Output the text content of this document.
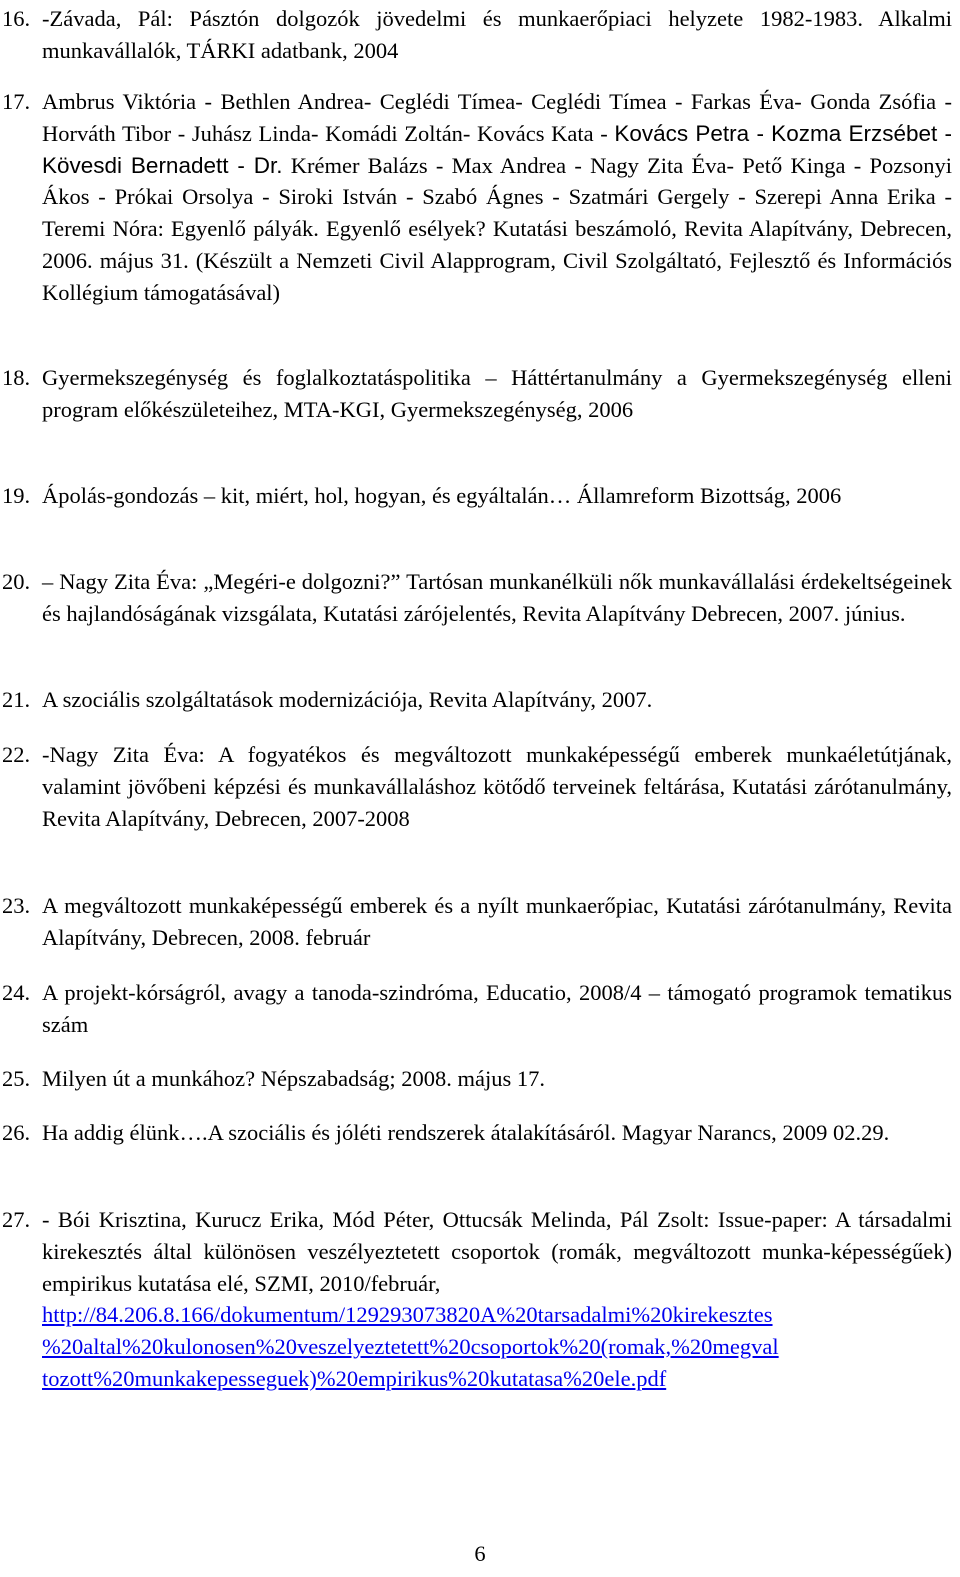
16. -Závada, Pál: Pásztón dolgozók jövedelmi és munkaerőpiaci helyzete 1982-1983. Alkalmi munkavállalók, TÁRKI adatbank, 2004
17. Ambrus Viktória - Bethlen Andrea- Ceglédi Tímea- Ceglédi Tímea - Farkas Éva- Gonda Zsófia - Horváth Tibor - Juhász Linda- Komádi Zoltán- Kovács Kata - Kovács Petra - Kozma Erzsébet - Kövesdi Bernadett - Dr. Krémer Balázs - Max Andrea - Nagy Zita Éva- Pető Kinga - Pozsonyi Ákos - Prókai Orsolya - Siroki István - Szabó Ágnes - Szatmári Gergely - Szerepi Anna Erika - Teremi Nóra: Egyenlő pályák. Egyenlő esélyek? Kutatási beszámoló, Revita Alapítvány, Debrecen, 2006. május 31. (Készült a Nemzeti Civil Alapprogram, Civil Szolgáltató, Fejlesztő és Információs Kollégium támogatásával)
18. Gyermekszegénység és foglalkoztatáspolitika – Háttértanulmány a Gyermekszegénység elleni program előkészületeihez, MTA-KGI, Gyermekszegénység, 2006
19. Ápolás-gondozás – kit, miért, hol, hogyan, és egyáltalán… Államreform Bizottság, 2006
20. – Nagy Zita Éva: „Megéri-e dolgozni?” Tartósan munkanélküli nők munkavállalási érdekeltségeinek és hajlandóságának vizsgálata, Kutatási zárójelentés, Revita Alapítvány Debrecen, 2007. június.
21. A szociális szolgáltatások modernizációja, Revita Alapítvány, 2007.
22. -Nagy Zita Éva: A fogyatékos és megváltozott munkaképességű emberek munkaéletútjának, valamint jövőbeni képzési és munkavállaláshoz kötődő terveinek feltárása, Kutatási zárótanulmány, Revita Alapítvány, Debrecen, 2007-2008
23. A megváltozott munkaképességű emberek és a nyílt munkaerőpiac, Kutatási zárótanulmány, Revita Alapítvány, Debrecen, 2008. február
24. A projekt-kórságról, avagy a tanoda-szindróma, Educatio, 2008/4 – támogató programok tematikus szám
25. Milyen út a munkához? Népszabadság; 2008. május 17.
26. Ha addig élünk….A szociális és jóléti rendszerek átalakításáról. Magyar Narancs, 2009 02.29.
27. - Bói Krisztina, Kurucz Erika, Mód Péter, Ottucsák Melinda, Pál Zsolt: Issue-paper: A társadalmi kirekesztés által különösen veszélyeztetett csoportok (romák, megváltozott munka-képességűek) empirikus kutatása elé, SZMI, 2010/február,
http://84.206.8.166/dokumentum/129293073820A%20tarsadalmi%20kirekesztes
%20altal%20kulonosen%20veszelyeztetett%20csoportok%20(romak,%20megval
tozott%20munkakepesseguek)%20empirikus%20kutatasa%20ele.pdf
6
